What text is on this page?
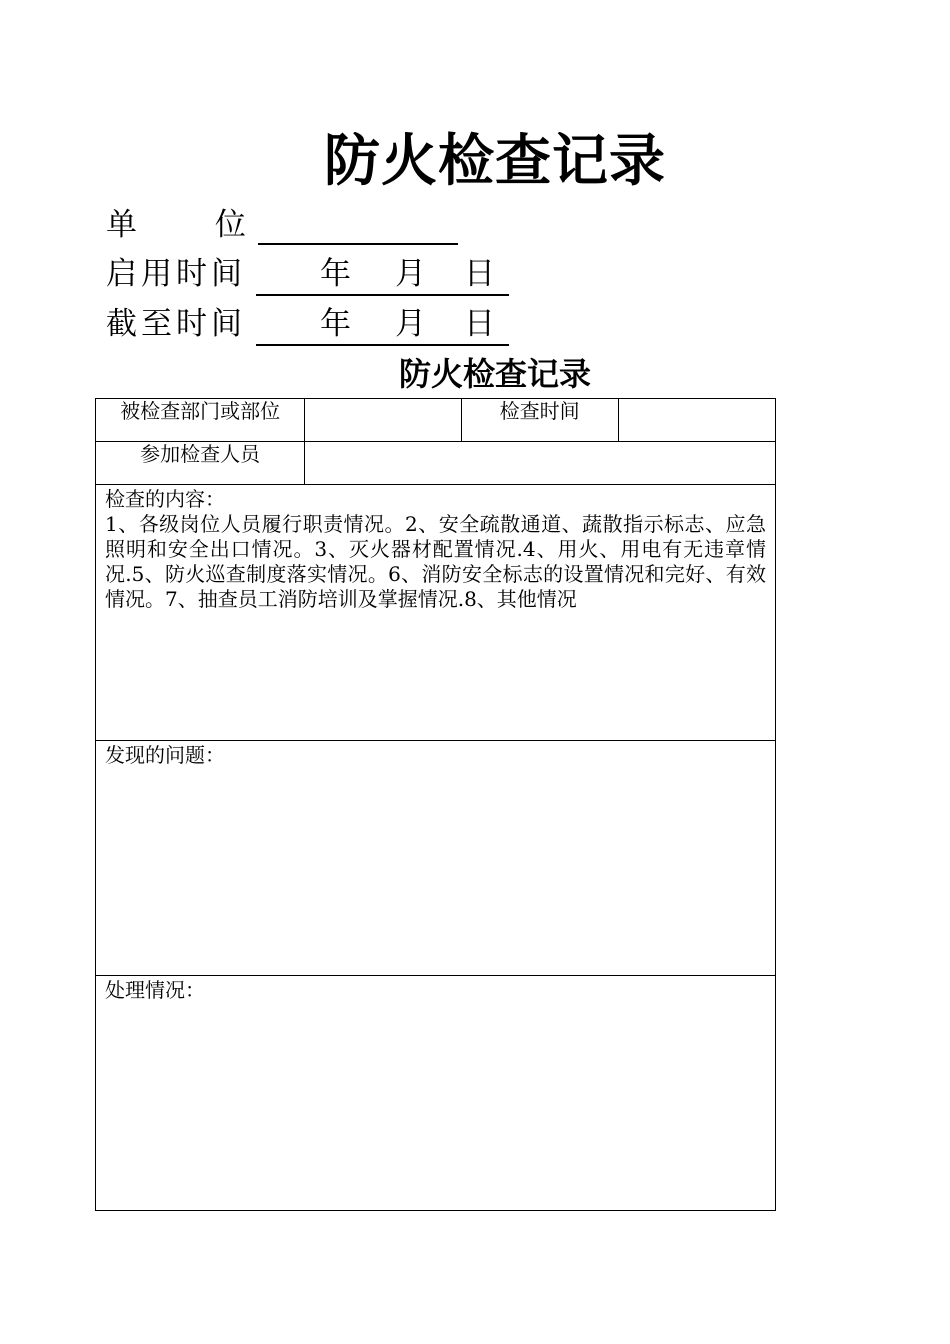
防火检查记录
单 位
启用时间 年 月 日
截至时间 年 月 日
防火检查记录
被检查部门或部位		检查时间	
参加检查人员			

检查的内容：
1、各级岗位人员履行职责情况。2、安全疏散通道、蔬散指示标志、应急照明和安全出口情况。3、灭火器材配置情况.4、用火、用电有无违章情况.5、防火巡查制度落实情况。6、消防安全标志的设置情况和完好、有效情况。7、抽查员工消防培训及掌握情况.8、其他情况			

发现的问题：			

处理情况：			
